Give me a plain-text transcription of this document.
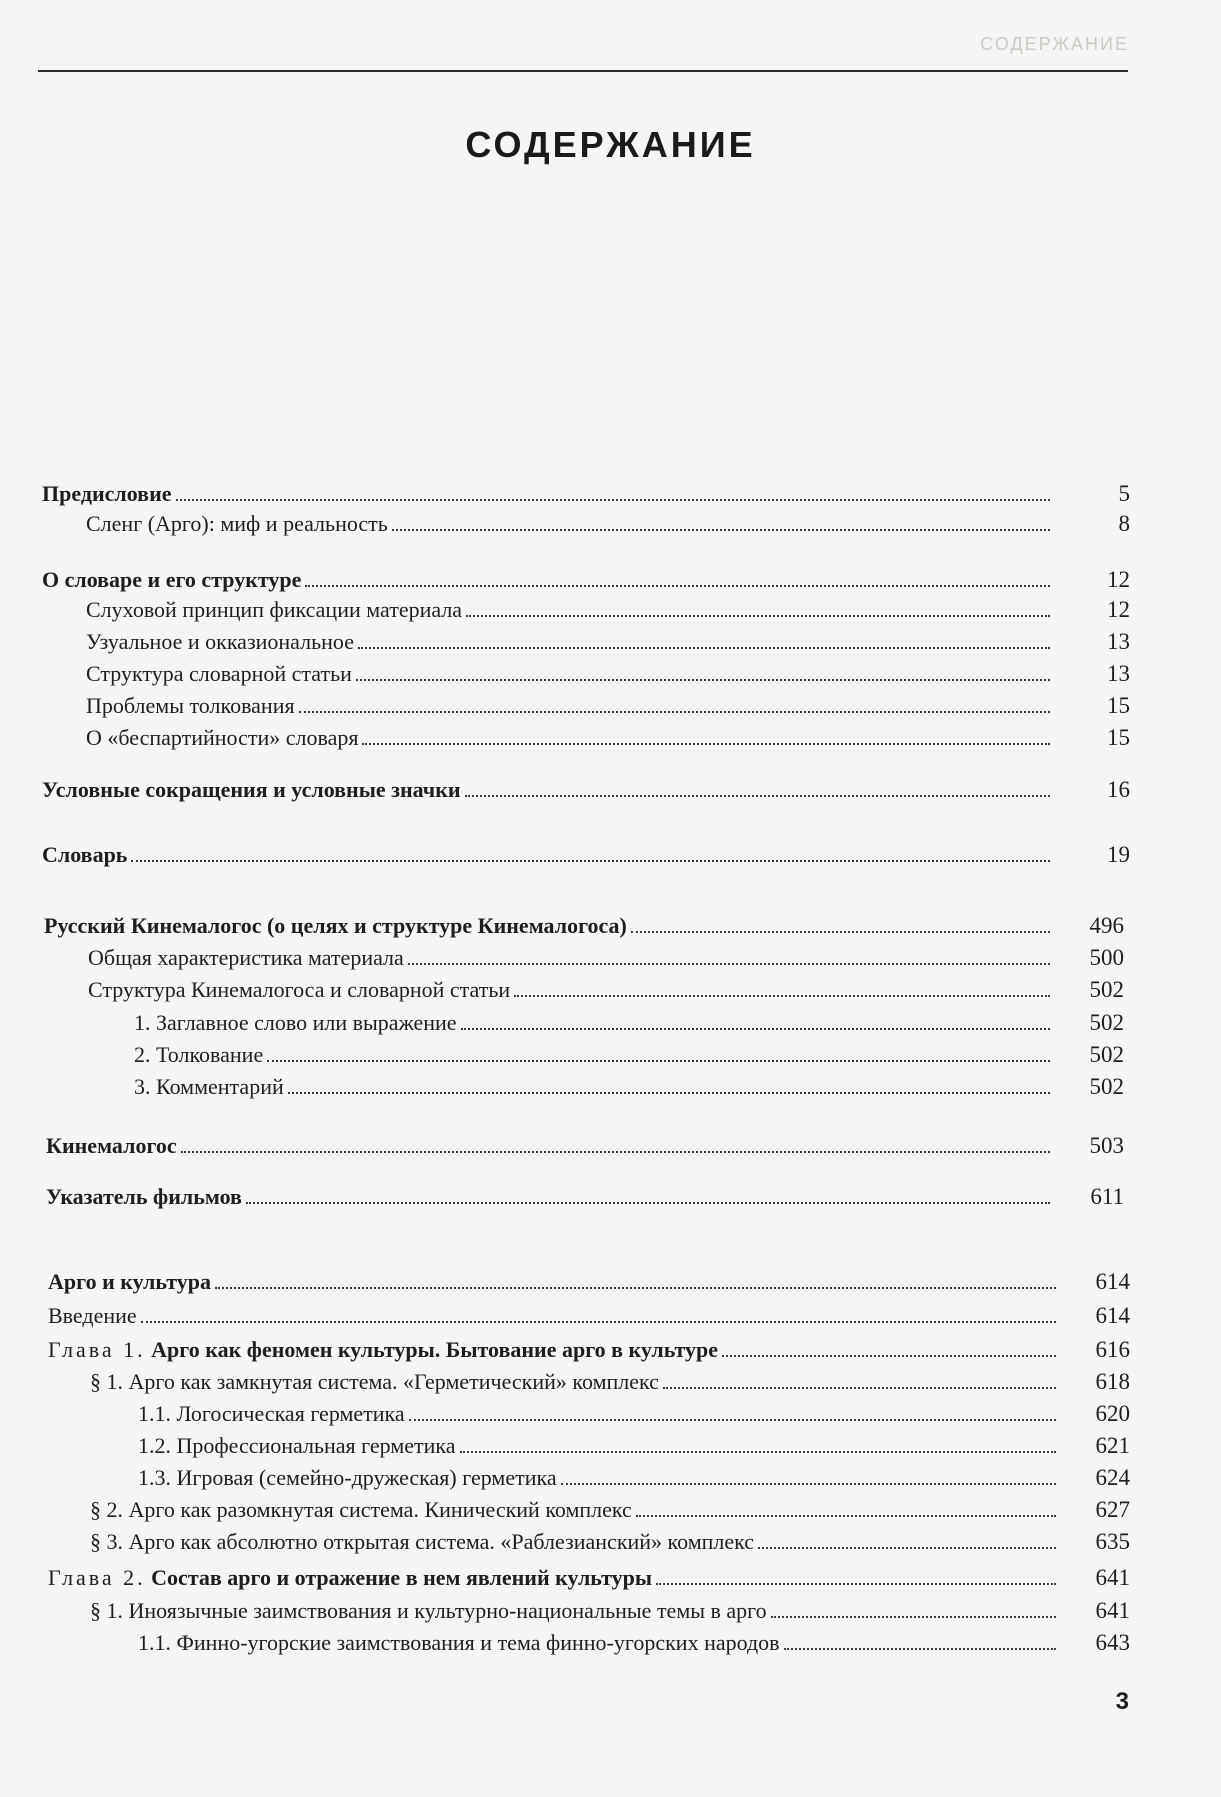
СОДЕРЖАНИЕ
СОДЕРЖАНИЕ
Предисловие	5
Сленг (Арго): миф и реальность	8
О словаре и его структуре	12
Слуховой принцип фиксации материала	12
Узуальное и окказиональное	13
Структура словарной статьи	13
Проблемы толкования	15
О «беспартийности» словаря	15
Условные сокращения и условные значки	16
Словарь	19
Русский Кинемалогос (о целях и структуре Кинемалогоса)	496
Общая характеристика материала	500
Структура Кинемалогоса и словарной статьи	502
1. Заглавное слово или выражение	502
2. Толкование	502
3. Комментарий	502
Кинемалогос	503
Указатель фильмов	611
Арго и культура	614
Введение	614
Глава 1. Арго как феномен культуры. Бытование арго в культуре	616
§ 1. Арго как замкнутая система. «Герметический» комплекс	618
1.1. Логосическая герметика	620
1.2. Профессиональная герметика	621
1.3. Игровая (семейно-дружеская) герметика	624
§ 2. Арго как разомкнутая система. Кинический комплекс	627
§ 3. Арго как абсолютно открытая система. «Раблезианский» комплекс	635
Глава 2. Состав арго и отражение в нем явлений культуры	641
§ 1. Иноязычные заимствования и культурно-национальные темы в арго	641
1.1. Финно-угорские заимствования и тема финно-угорских народов	643
3
